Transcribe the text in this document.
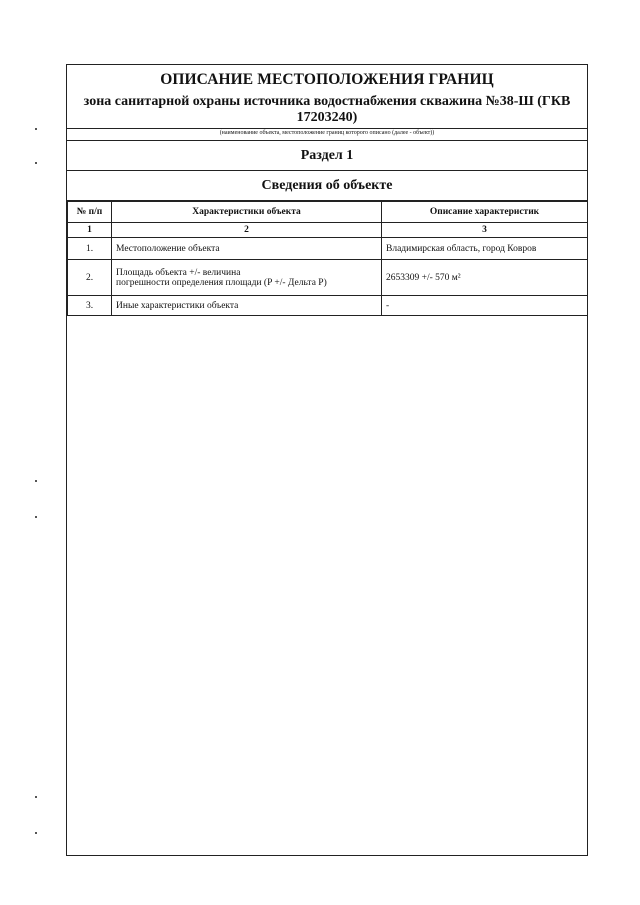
ОПИСАНИЕ МЕСТОПОЛОЖЕНИЯ ГРАНИЦ
зона санитарной охраны источника водостнабжения скважина №38-Ш (ГКВ 17203240)
(наименование объекта, местоположение границ которого описано (далее - объект))
Раздел 1
Сведения об объекте
№ п/п	Характеристики объекта	Описание характеристик
1	2	3
1.	Местоположение объекта	Владимирская область, город Ковров
2.	Площадь объекта +/- величина
погрешности определения площади (P +/- Дельта P)	2653309 +/- 570 м²
3.	Иные характеристики объекта	-
